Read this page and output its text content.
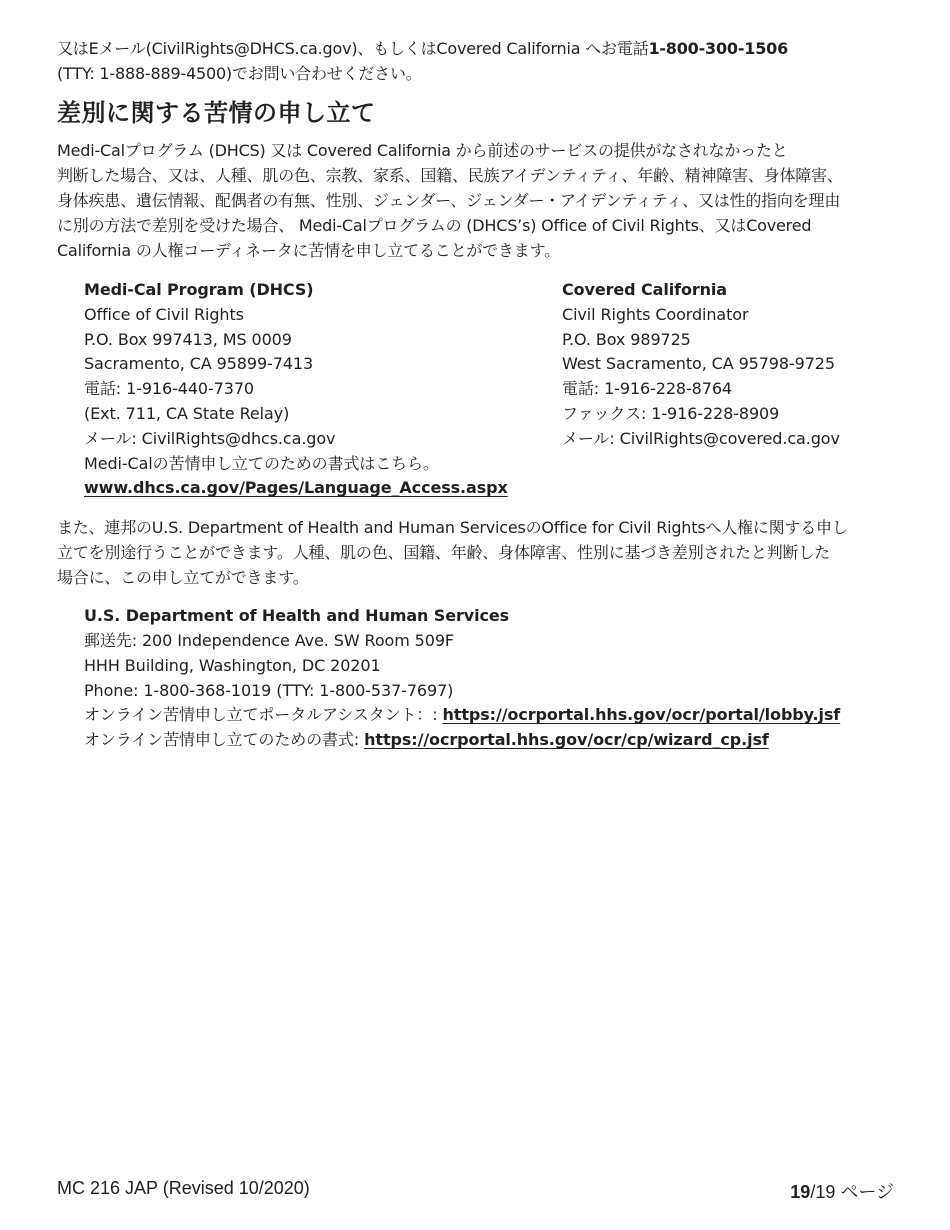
又はEメール(CivilRights@DHCS.ca.gov)、もしくはCovered California へお電話1-800-300-1506

(TTY: 1-888-889-4500)でお問い合わせください。

差別に関する苦情の申し立て

Medi-Calプログラム (DHCS) 又は Covered California から前述のサービスの提供がなされなかったと

判断した場合、又は、人種、肌の色、宗教、家系、国籍、民族アイデンティティ、年齢、精神障害、身体障害、

身体疾患、遺伝情報、配偶者の有無、性別、ジェンダー、ジェンダー・アイデンティティ、又は性的指向を理由

に別の方法で差別を受けた場合、 Medi-Calプログラムの (DHCS’s) Office of Civil Rights、又はCovered

California の人権コーディネータに苦情を申し立てることができます。

Medi-Cal Program (DHCS)
Office of Civil Rights
P.O. Box 997413, MS 0009
Sacramento, CA 95899-7413
電話: 1-916-440-7370
(Ext. 711, CA State Relay)
メール: CivilRights@dhcs.ca.gov
Medi-Calの苦情申し立てのための書式はこちら。
www.dhcs.ca.gov/Pages/Language_Access.aspx
Covered California
Civil Rights Coordinator
P.O. Box 989725
West Sacramento, CA 95798-9725
電話: 1-916-228-8764
ファックス: 1-916-228-8909
メール: CivilRights@covered.ca.gov

また、連邦のU.S. Department of Health and Human ServicesのOffice for Civil Rightsへ人権に関する申し

立てを別途行うことができます。人種、肌の色、国籍、年齢、身体障害、性別に基づき差別されたと判断した

場合に、この申し立てができます。

U.S. Department of Health and Human Services
郵送先: 200 Independence Ave. SW Room 509F
HHH Building, Washington, DC 20201
Phone: 1-800-368-1019 (TTY: 1-800-537-7697)
オンライン苦情申し立てポータルアシスタント：: https://ocrportal.hhs.gov/ocr/portal/lobby.jsf
オンライン苦情申し立てのための書式: https://ocrportal.hhs.gov/ocr/cp/wizard_cp.jsf
MC 216 JAP (Revised 10/2020)	19/19 ページ
